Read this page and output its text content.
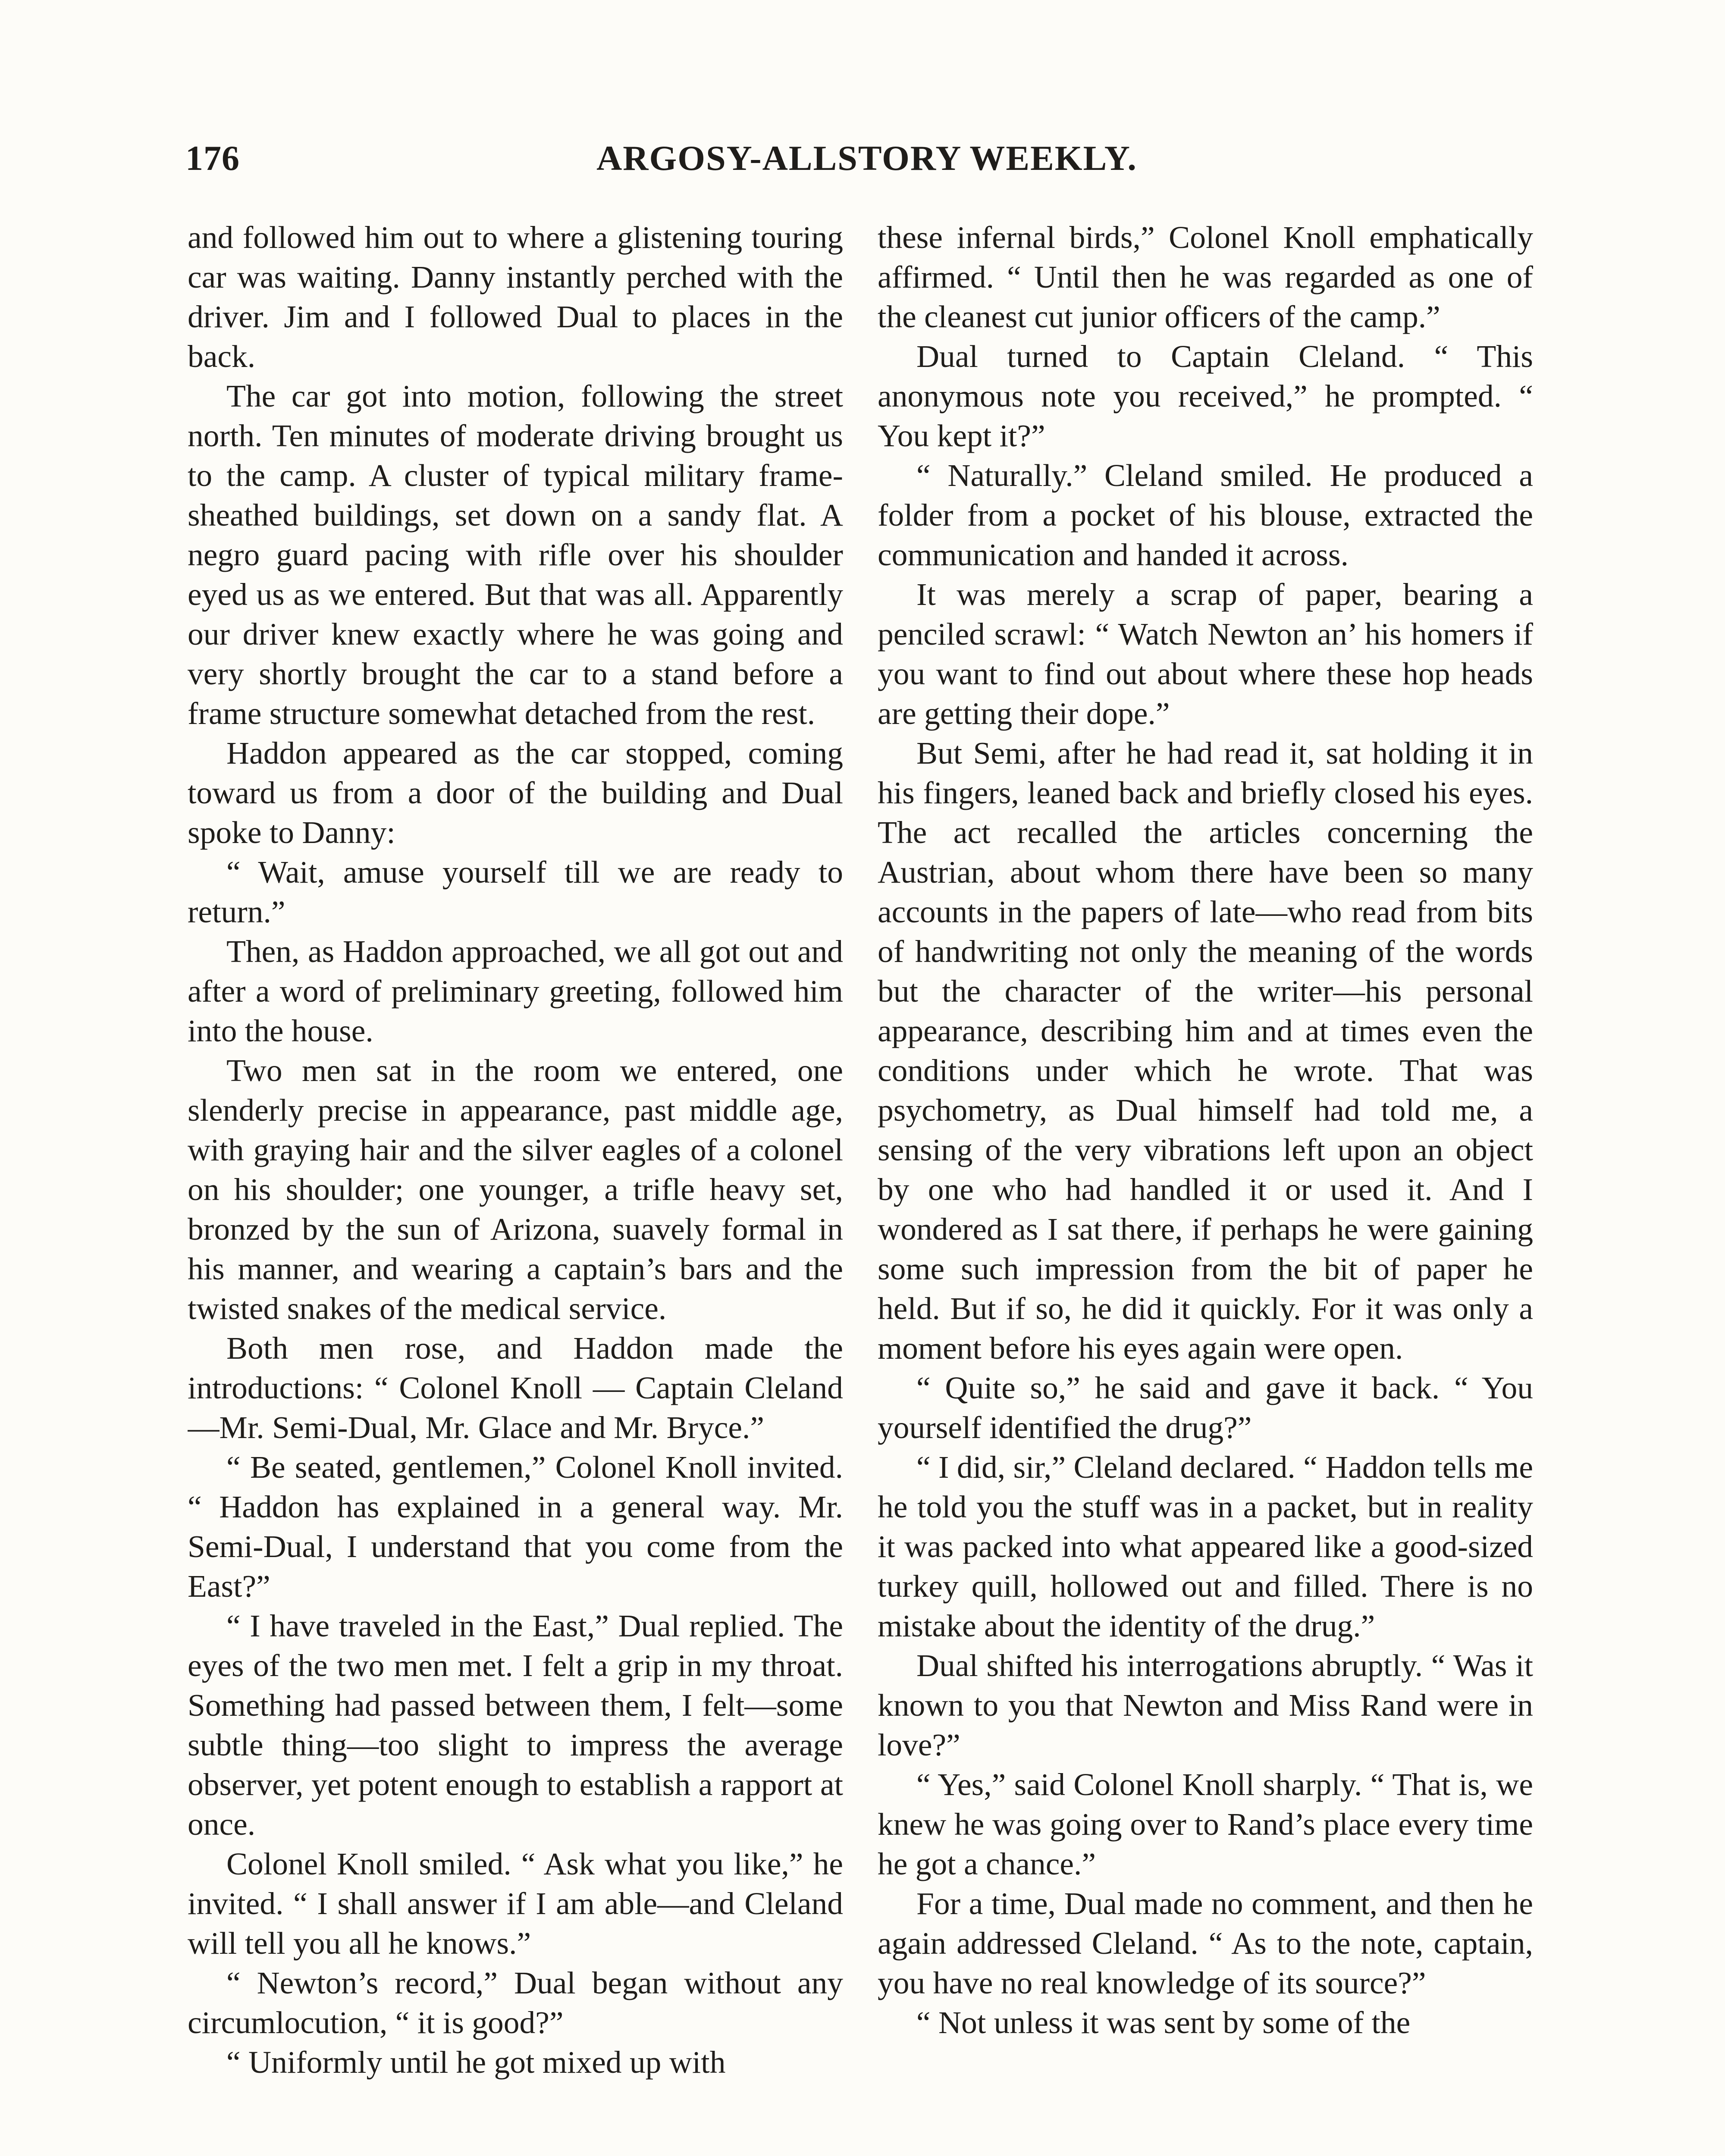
176	ARGOSY-ALLSTORY WEEKLY.

and followed him out to where a glistening touring car was waiting. Danny instantly perched with the driver. Jim and I followed Dual to places in the back.

The car got into motion, following the street north. Ten minutes of moderate driving brought us to the camp. A cluster of typical military frame-sheathed buildings, set down on a sandy flat. A negro guard pacing with rifle over his shoulder eyed us as we entered. But that was all. Apparently our driver knew exactly where he was going and very shortly brought the car to a stand before a frame structure somewhat detached from the rest.

Haddon appeared as the car stopped, coming toward us from a door of the building and Dual spoke to Danny:

“ Wait, amuse yourself till we are ready to return.”

Then, as Haddon approached, we all got out and after a word of preliminary greeting, followed him into the house.

Two men sat in the room we entered, one slenderly precise in appearance, past middle age, with graying hair and the silver eagles of a colonel on his shoulder; one younger, a trifle heavy set, bronzed by the sun of Arizona, suavely formal in his manner, and wearing a captain’s bars and the twisted snakes of the medical service.

Both men rose, and Haddon made the introductions: “ Colonel Knoll — Captain Cleland—Mr. Semi-Dual, Mr. Glace and Mr. Bryce.”

“ Be seated, gentlemen,” Colonel Knoll invited. “ Haddon has explained in a general way. Mr. Semi-Dual, I understand that you come from the East?”

“ I have traveled in the East,” Dual replied. The eyes of the two men met. I felt a grip in my throat. Something had passed between them, I felt—some subtle thing—too slight to impress the average observer, yet potent enough to establish a rapport at once.

Colonel Knoll smiled. “ Ask what you like,” he invited. “ I shall answer if I am able—and Cleland will tell you all he knows.”

“ Newton’s record,” Dual began without any circumlocution, “ it is good?”

“ Uniformly until he got mixed up with

these infernal birds,” Colonel Knoll emphatically affirmed. “ Until then he was regarded as one of the cleanest cut junior officers of the camp.”

Dual turned to Captain Cleland. “ This anonymous note you received,” he prompted. “ You kept it?”

“ Naturally.” Cleland smiled. He produced a folder from a pocket of his blouse, extracted the communication and handed it across.

It was merely a scrap of paper, bearing a penciled scrawl: “ Watch Newton an’ his homers if you want to find out about where these hop heads are getting their dope.”

But Semi, after he had read it, sat holding it in his fingers, leaned back and briefly closed his eyes. The act recalled the articles concerning the Austrian, about whom there have been so many accounts in the papers of late—who read from bits of handwriting not only the meaning of the words but the character of the writer—his personal appearance, describing him and at times even the conditions under which he wrote. That was psychometry, as Dual himself had told me, a sensing of the very vibrations left upon an object by one who had handled it or used it. And I wondered as I sat there, if perhaps he were gaining some such impression from the bit of paper he held. But if so, he did it quickly. For it was only a moment before his eyes again were open.

“ Quite so,” he said and gave it back. “ You yourself identified the drug?”

“ I did, sir,” Cleland declared. “ Haddon tells me he told you the stuff was in a packet, but in reality it was packed into what appeared like a good-sized turkey quill, hollowed out and filled. There is no mistake about the identity of the drug.”

Dual shifted his interrogations abruptly. “ Was it known to you that Newton and Miss Rand were in love?”

“ Yes,” said Colonel Knoll sharply. “ That is, we knew he was going over to Rand’s place every time he got a chance.”

For a time, Dual made no comment, and then he again addressed Cleland. “ As to the note, captain, you have no real knowledge of its source?”

“ Not unless it was sent by some of the
